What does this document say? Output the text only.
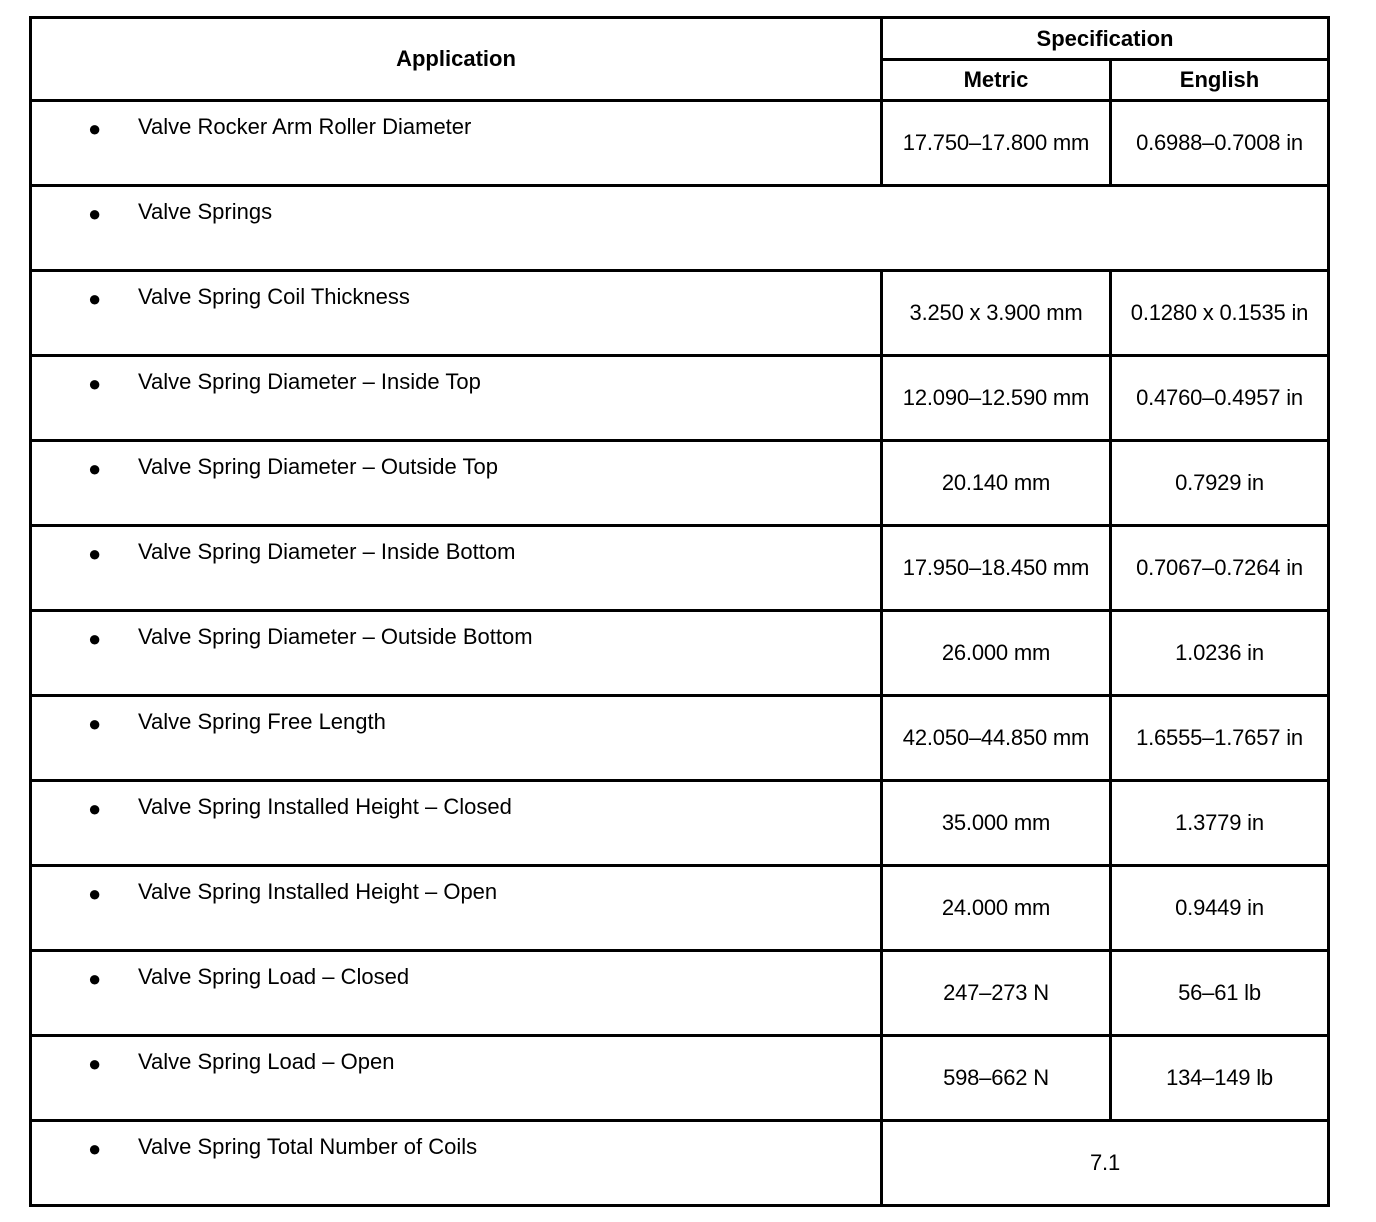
Application	Specification	
	Metric	English

● Valve Rocker Arm Roller Diameter	17.750–17.800 mm	0.6988–0.7008 in

● Valve Springs		

● Valve Spring Coil Thickness	3.250 x 3.900 mm	0.1280 x 0.1535 in

● Valve Spring Diameter – Inside Top	12.090–12.590 mm	0.4760–0.4957 in

● Valve Spring Diameter – Outside Top	20.140 mm	0.7929 in

● Valve Spring Diameter – Inside Bottom	17.950–18.450 mm	0.7067–0.7264 in

● Valve Spring Diameter – Outside Bottom	26.000 mm	1.0236 in

● Valve Spring Free Length	42.050–44.850 mm	1.6555–1.7657 in

● Valve Spring Installed Height – Closed	35.000 mm	1.3779 in

● Valve Spring Installed Height – Open	24.000 mm	0.9449 in

● Valve Spring Load – Closed	247–273 N	56–61 lb

● Valve Spring Load – Open	598–662 N	134–149 lb

● Valve Spring Total Number of Coils	7.1	
